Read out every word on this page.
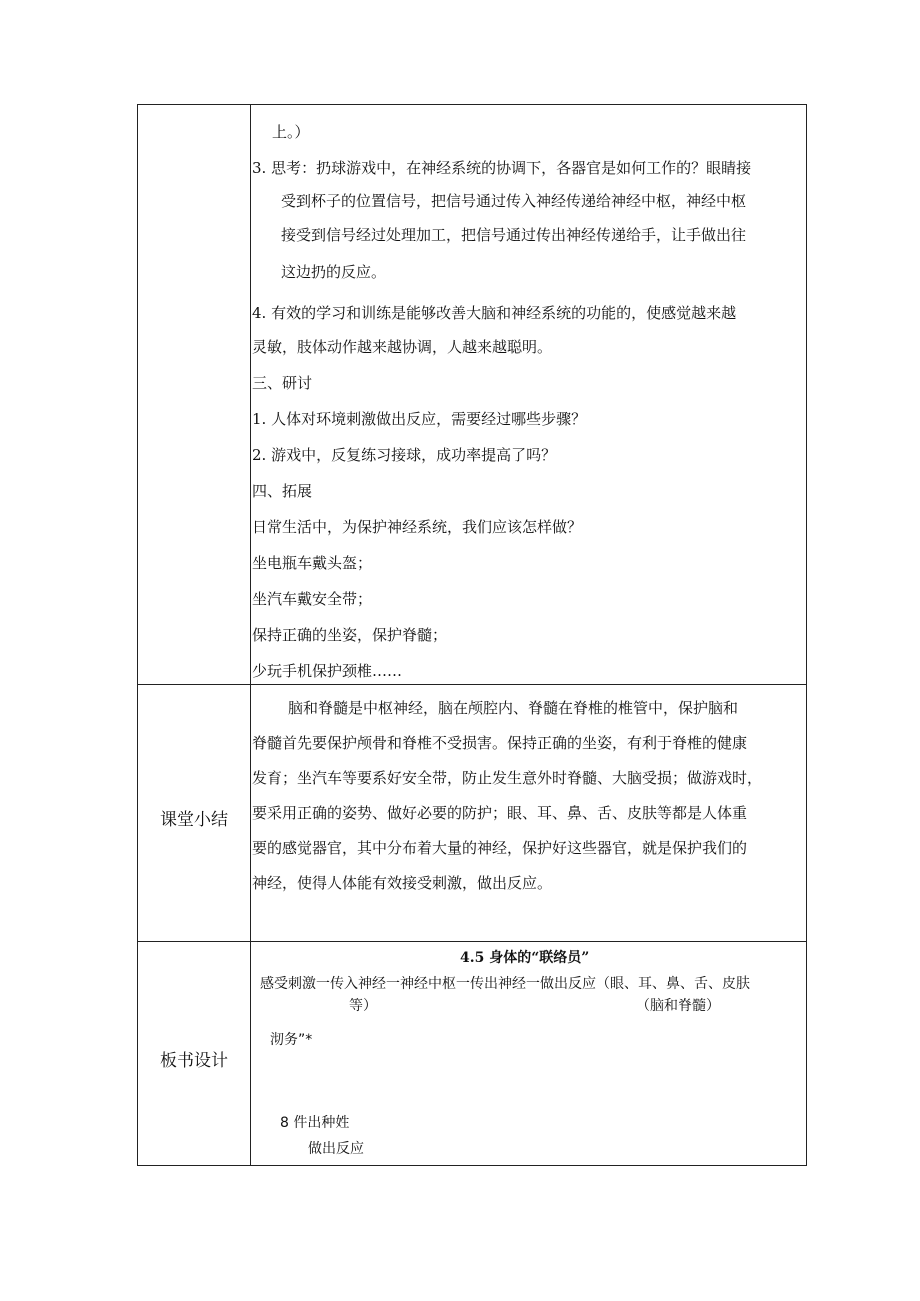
上。）
3. 思考：扔球游戏中，在神经系统的协调下，各器官是如何工作的？眼睛接
受到杯子的位置信号，把信号通过传入神经传递给神经中枢，神经中枢
接受到信号经过处理加工，把信号通过传出神经传递给手，让手做出往
这边扔的反应。
4. 有效的学习和训练是能够改善大脑和神经系统的功能的，使感觉越来越
灵敏，肢体动作越来越协调，人越来越聪明。
三、研讨
1. 人体对环境刺激做出反应，需要经过哪些步骤？
2. 游戏中，反复练习接球，成功率提高了吗？
四、拓展
日常生活中，为保护神经系统，我们应该怎样做？
坐电瓶车戴头盔；
坐汽车戴安全带；
保持正确的坐姿，保护脊髓；
少玩手机保护颈椎……
课堂小结
脑和脊髓是中枢神经，脑在颅腔内、脊髓在脊椎的椎管中，保护脑和
脊髓首先要保护颅骨和脊椎不受损害。保持正确的坐姿，有利于脊椎的健康
发育；坐汽车等要系好安全带，防止发生意外时脊髓、大脑受损；做游戏时，
要采用正确的姿势、做好必要的防护；眼、耳、鼻、舌、皮肤等都是人体重
要的感觉器官，其中分布着大量的神经，保护好这些器官，就是保护我们的
神经，使得人体能有效接受刺激，做出反应。
板书设计
4.5 身体的“联络员”
感受刺激一传入神经一神经中枢一传出神经一做出反应（眼、耳、鼻、舌、皮肤
等）	（脑和脊髓）
沏务”*
8 件出种姓
做出反应
